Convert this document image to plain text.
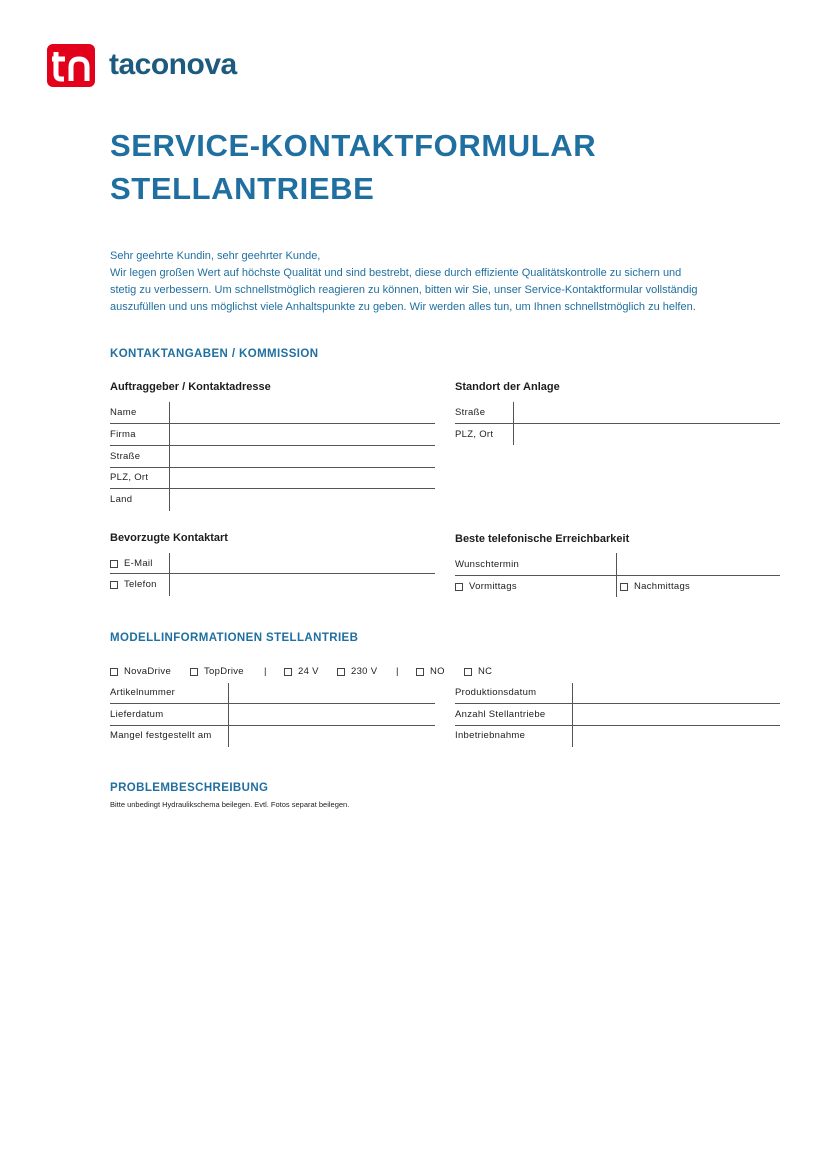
taconova
SERVICE-KONTAKTFORMULAR
STELLANTRIEBE
Sehr geehrte Kundin, sehr geehrter Kunde,
Wir legen großen Wert auf höchste Qualität und sind bestrebt, diese durch effiziente Qualitätskontrolle zu sichern und
stetig zu verbessern. Um schnellstmöglich reagieren zu können, bitten wir Sie, unser Service-Kontaktformular vollständig
auszufüllen und uns möglichst viele Anhaltspunkte zu geben. Wir werden alles tun, um Ihnen schnellstmöglich zu helfen.
KONTAKTANGABEN / KOMMISSION
Auftraggeber / Kontaktadresse	Standort der Anlage
Name
Firma
Straße
PLZ, Ort
Land
Straße
PLZ, Ort
Bevorzugte Kontaktart
E-Mail
Telefon
Beste telefonische Erreichbarkeit
Wunschtermin
Vormittags	Nachmittags
MODELLINFORMATIONEN STELLANTRIEB
NovaDrive	TopDrive |	24 V	230 V |	NO	NC
Artikelnummer
Lieferdatum
Mangel festgestellt am
Produktionsdatum
Anzahl Stellantriebe
Inbetriebnahme
PROBLEMBESCHREIBUNG
Bitte unbedingt Hydraulikschema beilegen. Evtl. Fotos separat beilegen.
